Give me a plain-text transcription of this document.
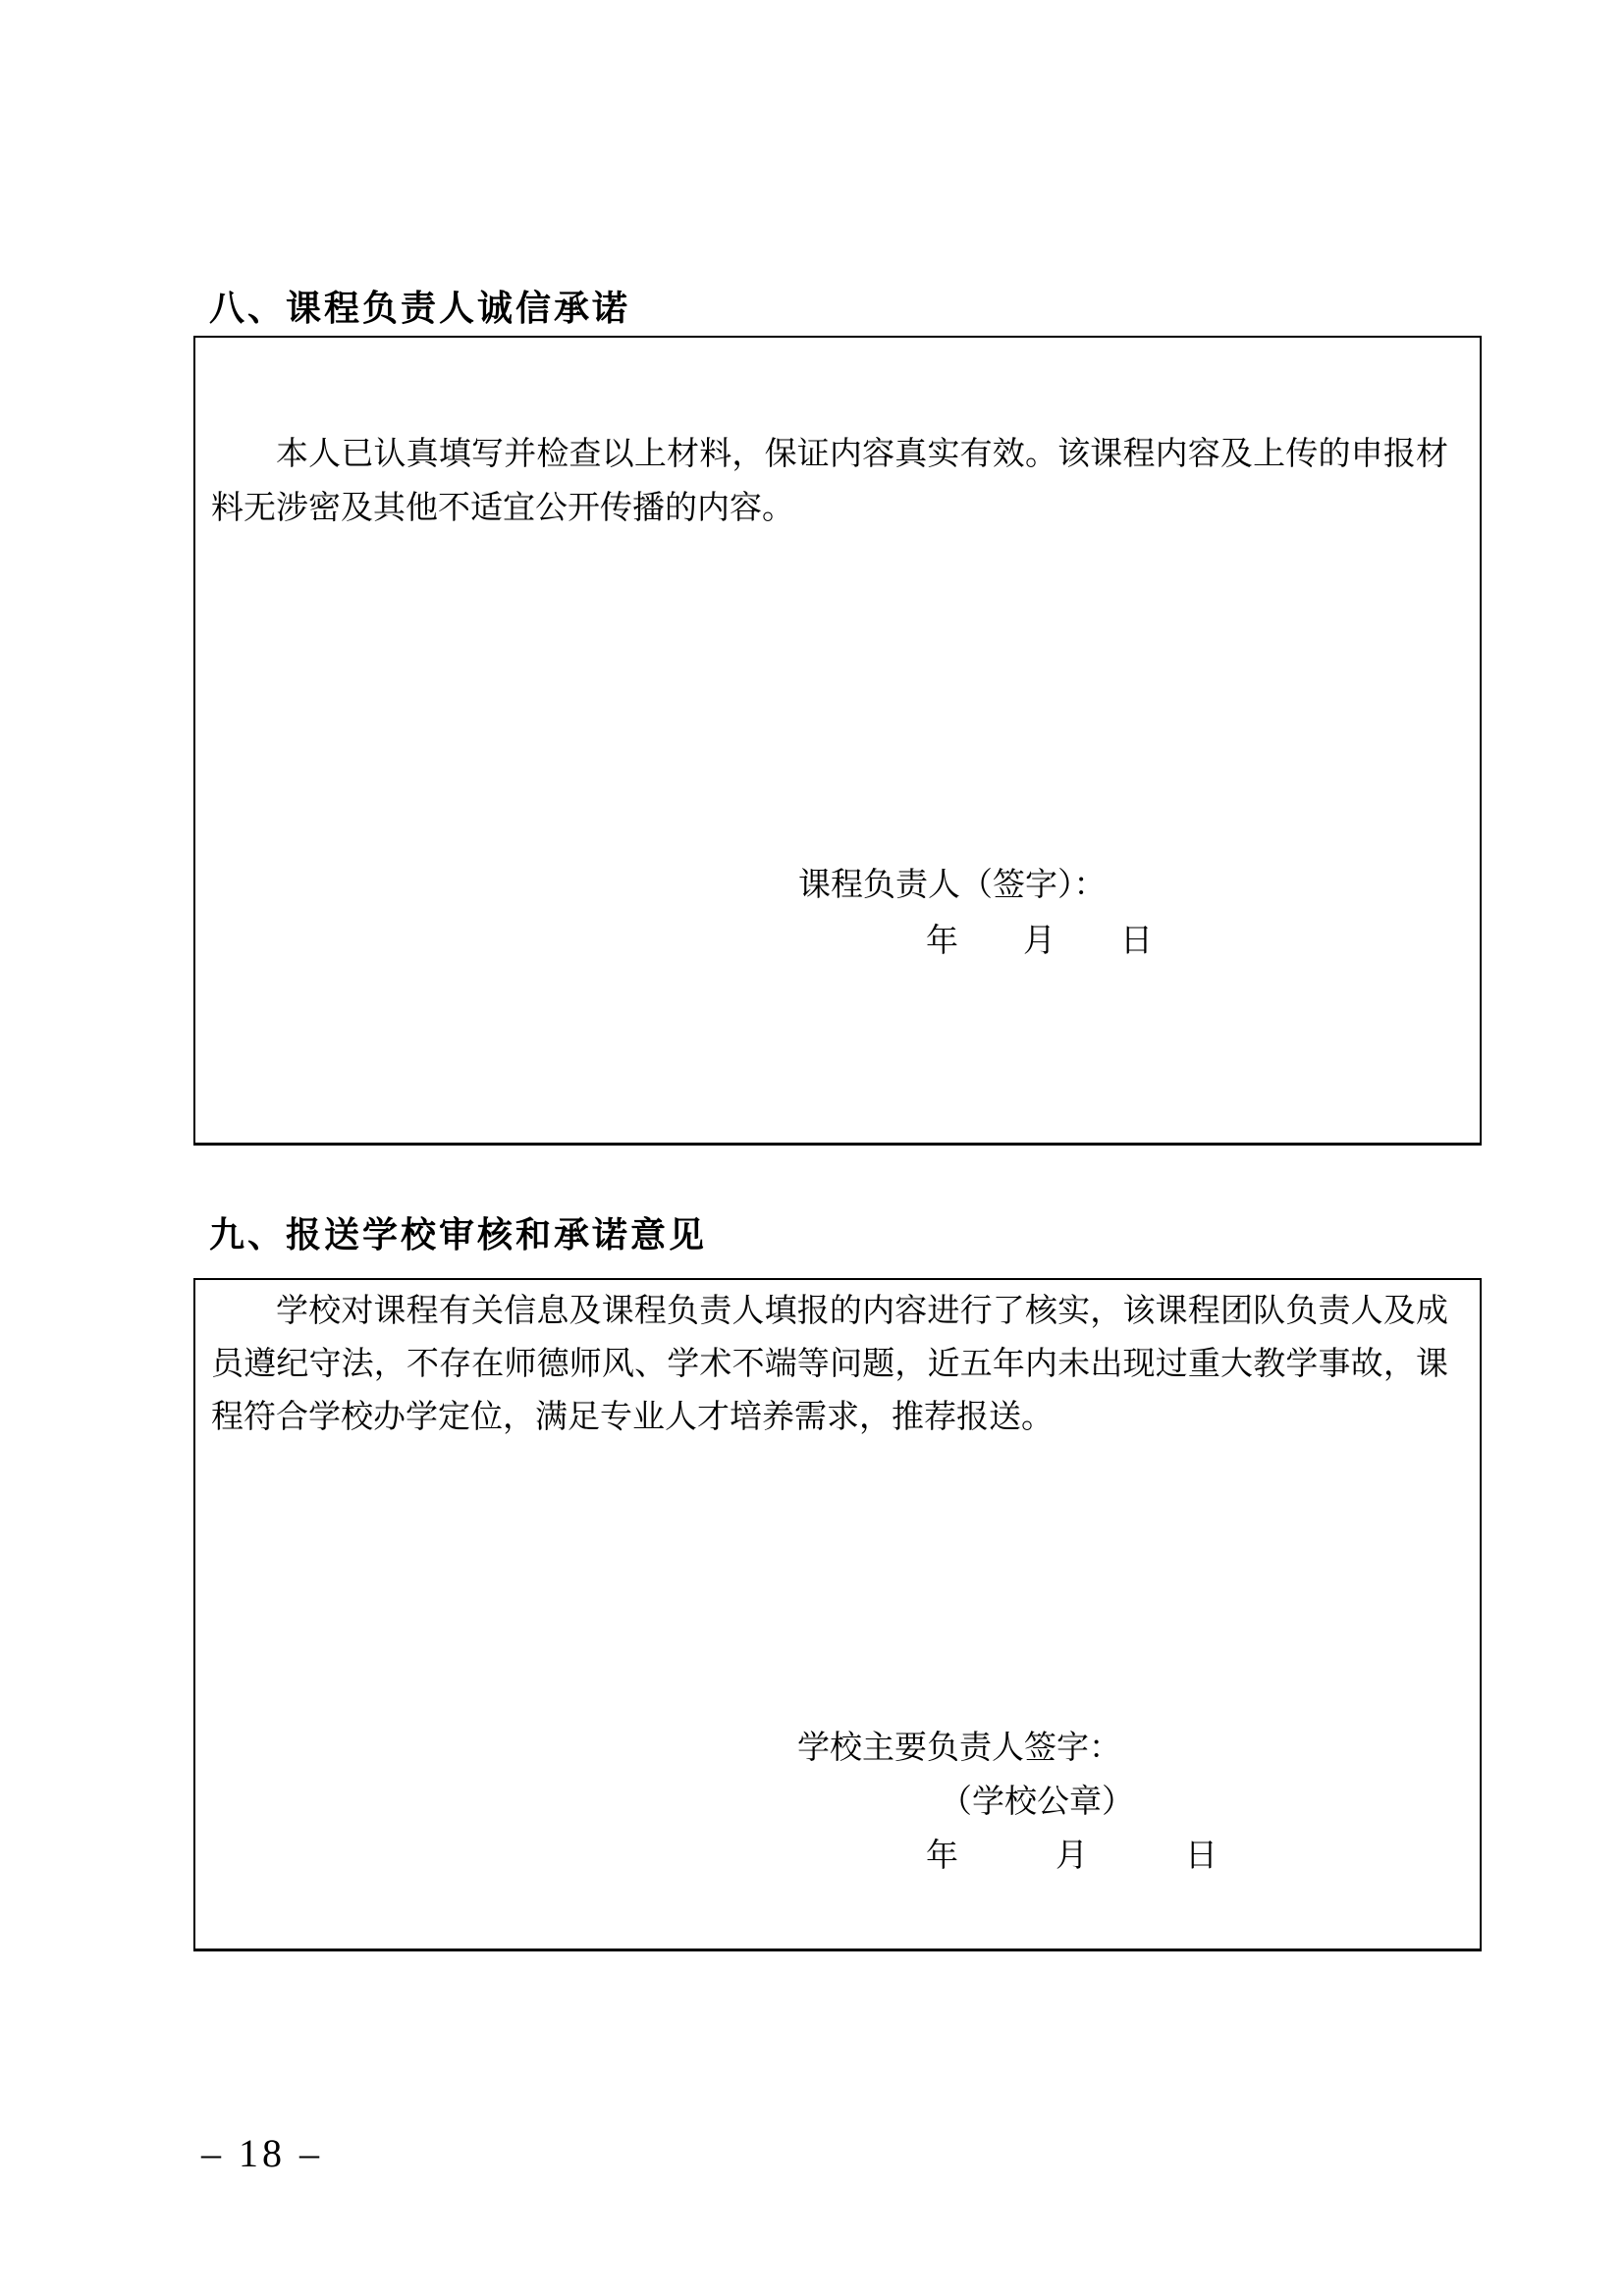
八、课程负责人诚信承诺
本人已认真填写并检查以上材料，保证内容真实有效。该课程内容及上传的申报材料无涉密及其他不适宜公开传播的内容。
课程负责人（签字）：
年　　月　　日
九、报送学校审核和承诺意见
学校对课程有关信息及课程负责人填报的内容进行了核实，该课程团队负责人及成员遵纪守法，不存在师德师风、学术不端等问题，近五年内未出现过重大教学事故，课程符合学校办学定位，满足专业人才培养需求，推荐报送。
学校主要负责人签字：
（学校公章）
年　　　月　　　日
– 18 –
